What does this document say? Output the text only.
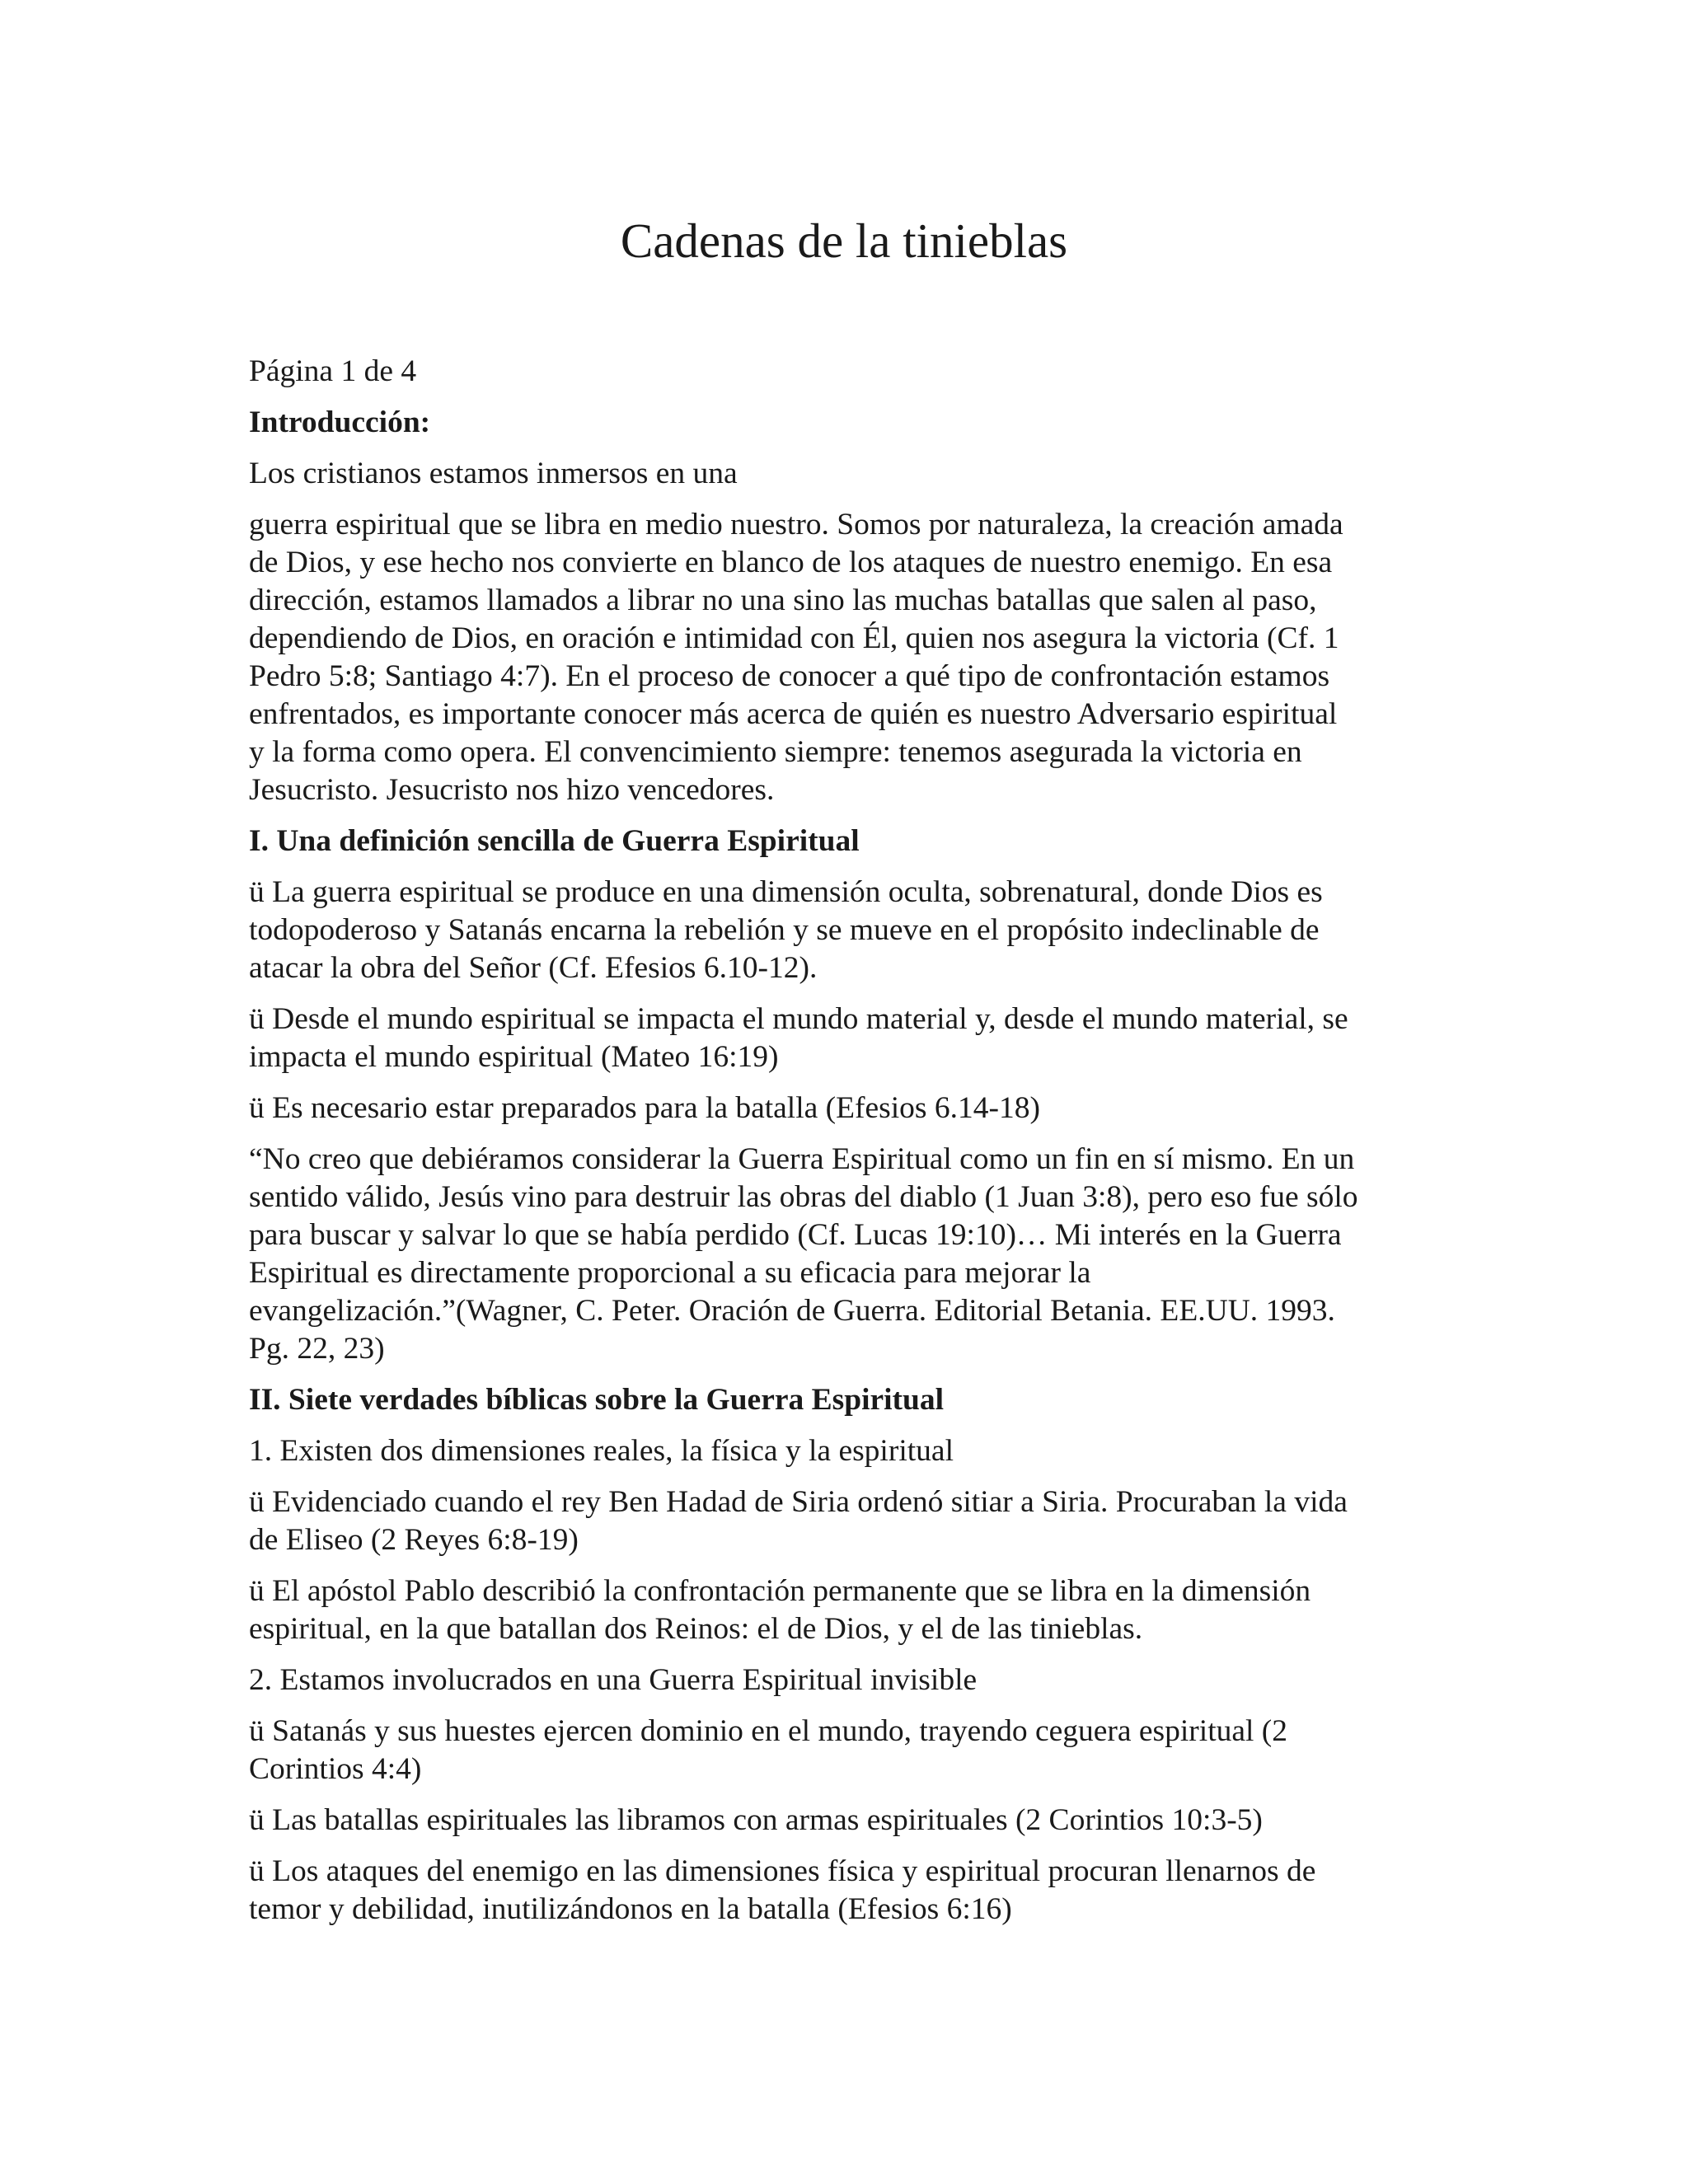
Cadenas de la tinieblas
Página 1 de 4
Introducción:
Los cristianos estamos inmersos en una
guerra espiritual que se libra en medio nuestro. Somos por naturaleza, la creación amada
de Dios, y ese hecho nos convierte en blanco de los ataques de nuestro enemigo. En esa
dirección, estamos llamados a librar no una sino las muchas batallas que salen al paso,
dependiendo de Dios, en oración e intimidad con Él, quien nos asegura la victoria (Cf. 1
Pedro 5:8; Santiago 4:7). En el proceso de conocer a qué tipo de confrontación estamos
enfrentados, es importante conocer más acerca de quién es nuestro Adversario espiritual
y la forma como opera. El convencimiento siempre: tenemos asegurada la victoria en
Jesucristo. Jesucristo nos hizo vencedores.
I. Una definición sencilla de Guerra Espiritual
ü La guerra espiritual se produce en una dimensión oculta, sobrenatural, donde Dios es
todopoderoso y Satanás encarna la rebelión y se mueve en el propósito indeclinable de
atacar la obra del Señor (Cf. Efesios 6.10-12).
ü Desde el mundo espiritual se impacta el mundo material y, desde el mundo material, se
impacta el mundo espiritual (Mateo 16:19)
ü Es necesario estar preparados para la batalla (Efesios 6.14-18)
“No creo que debiéramos considerar la Guerra Espiritual como un fin en sí mismo. En un
sentido válido, Jesús vino para destruir las obras del diablo (1 Juan 3:8), pero eso fue sólo
para buscar y salvar lo que se había perdido (Cf. Lucas 19:10)… Mi interés en la Guerra
Espiritual es directamente proporcional a su eficacia para mejorar la
evangelización.”(Wagner, C. Peter. Oración de Guerra. Editorial Betania. EE.UU. 1993.
Pg. 22, 23)
II. Siete verdades bíblicas sobre la Guerra Espiritual
1. Existen dos dimensiones reales, la física y la espiritual
ü Evidenciado cuando el rey Ben Hadad de Siria ordenó sitiar a Siria. Procuraban la vida
de Eliseo (2 Reyes 6:8-19)
ü El apóstol Pablo describió la confrontación permanente que se libra en la dimensión
espiritual, en la que batallan dos Reinos: el de Dios, y el de las tinieblas.
2. Estamos involucrados en una Guerra Espiritual invisible
ü Satanás y sus huestes ejercen dominio en el mundo, trayendo ceguera espiritual (2
Corintios 4:4)
ü Las batallas espirituales las libramos con armas espirituales (2 Corintios 10:3-5)
ü Los ataques del enemigo en las dimensiones física y espiritual procuran llenarnos de
temor y debilidad, inutilizándonos en la batalla (Efesios 6:16)
